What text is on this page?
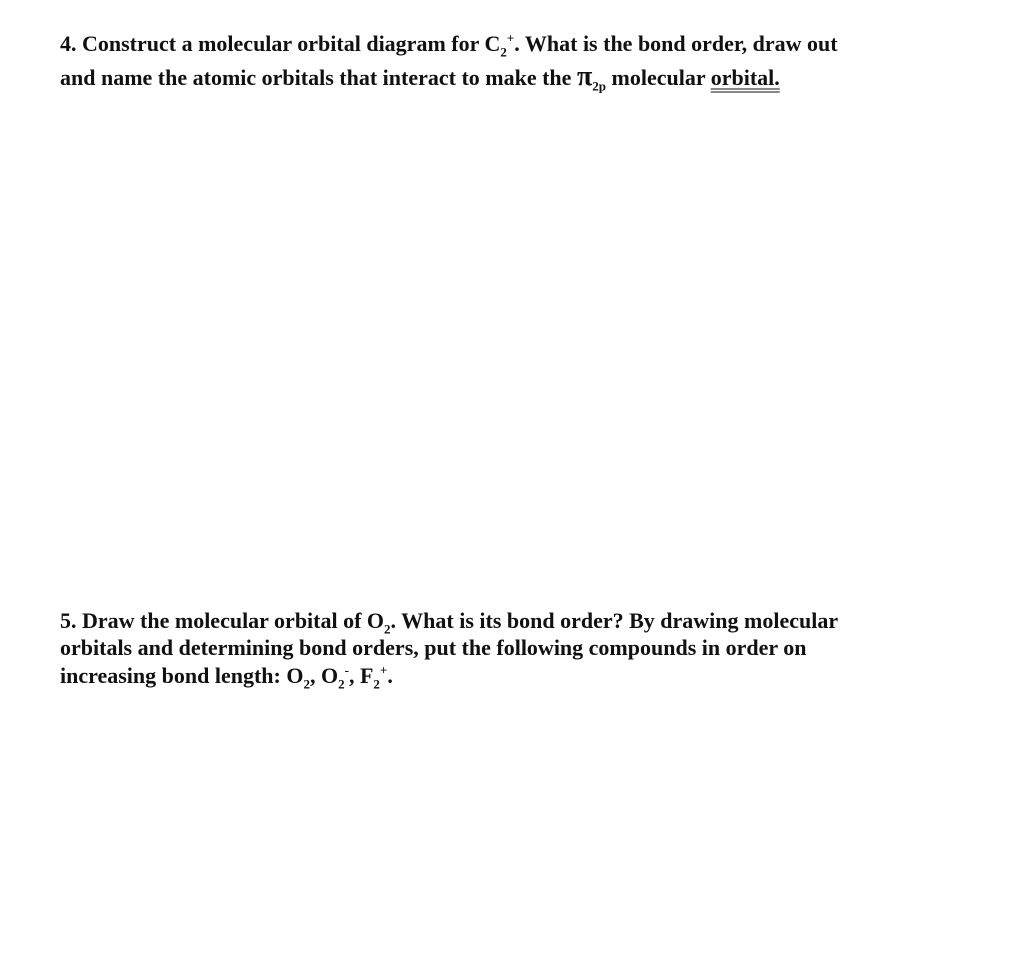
4. Construct a molecular orbital diagram for $C_2^+$. What is the bond order, draw out
and name the atomic orbitals that interact to make the $\pi_{2p}$ molecular orbital.
5. Draw the molecular orbital of $O_2$. What is its bond order? By drawing molecular
orbitals and determining bond orders, put the following compounds in order on
increasing bond length: $O_2$, $O_2^-$, $F_2^+$.
